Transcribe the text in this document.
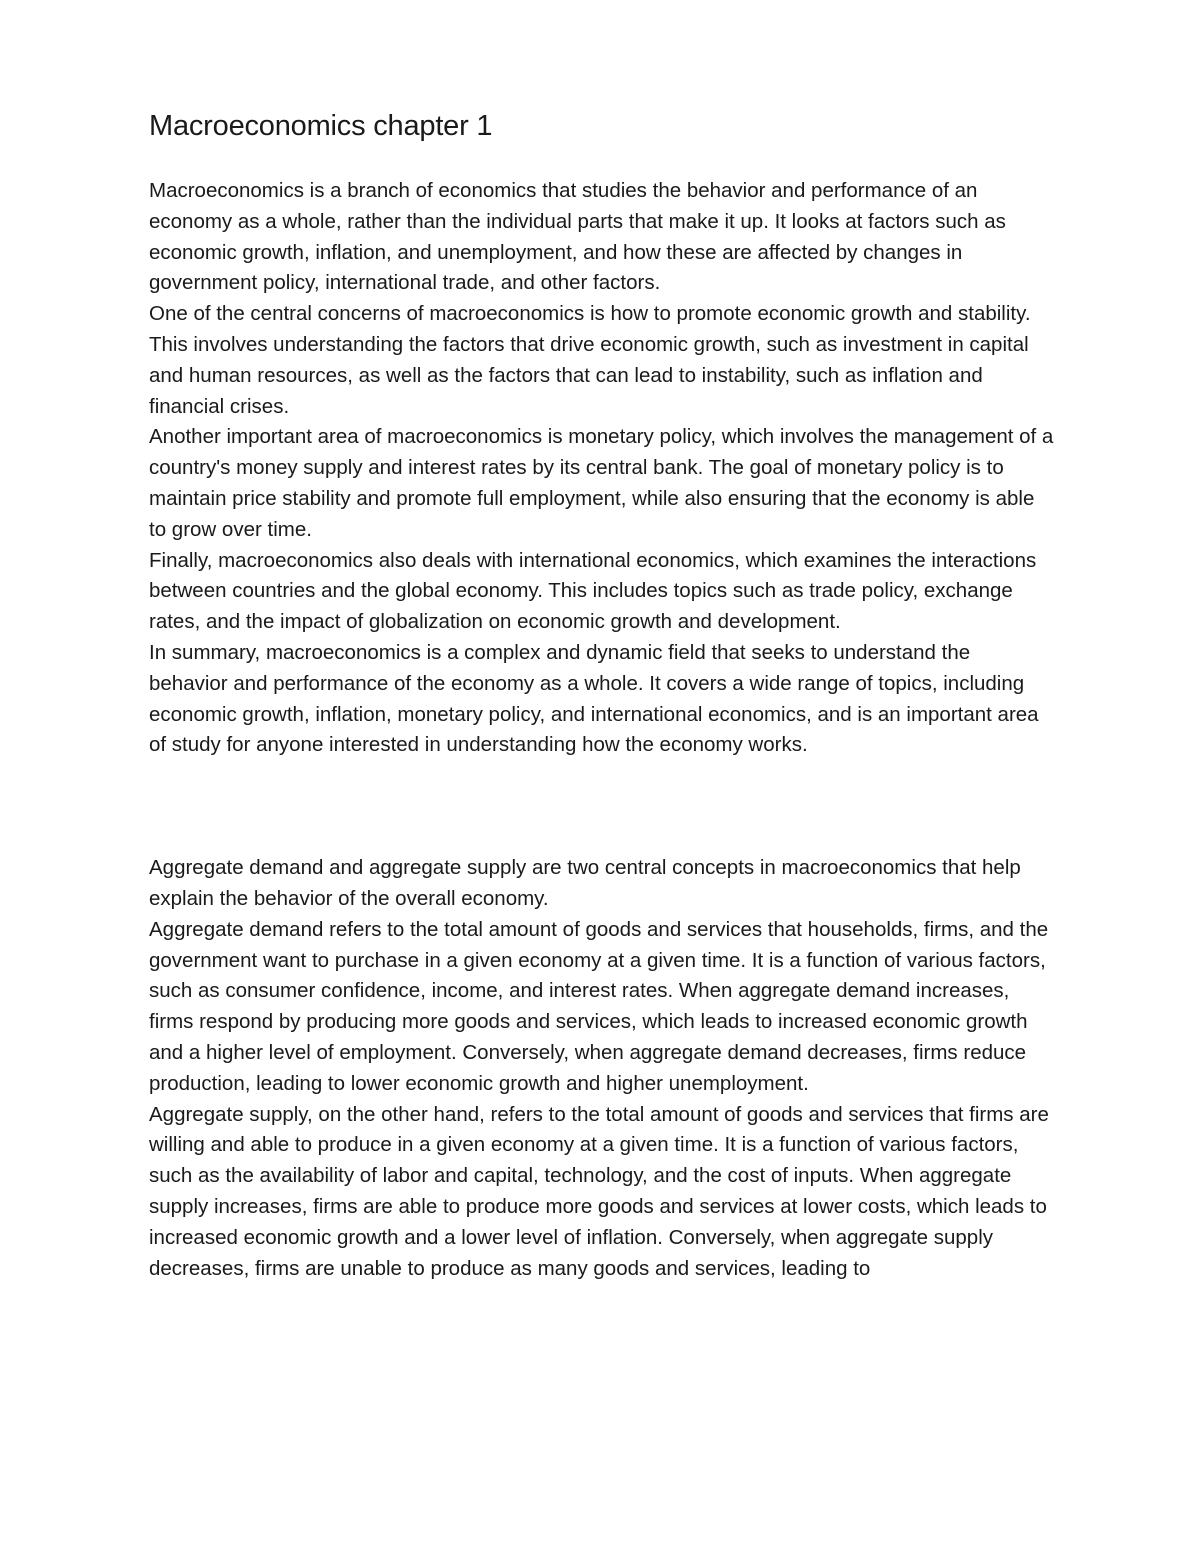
Macroeconomics chapter 1

Macroeconomics is a branch of economics that studies the behavior and performance of an economy as a whole, rather than the individual parts that make it up. It looks at factors such as economic growth, inflation, and unemployment, and how these are affected by changes in government policy, international trade, and other factors.

One of the central concerns of macroeconomics is how to promote economic growth and stability. This involves understanding the factors that drive economic growth, such as investment in capital and human resources, as well as the factors that can lead to instability, such as inflation and financial crises.

Another important area of macroeconomics is monetary policy, which involves the management of a country's money supply and interest rates by its central bank. The goal of monetary policy is to maintain price stability and promote full employment, while also ensuring that the economy is able to grow over time.

Finally, macroeconomics also deals with international economics, which examines the interactions between countries and the global economy. This includes topics such as trade policy, exchange rates, and the impact of globalization on economic growth and development.

In summary, macroeconomics is a complex and dynamic field that seeks to understand the behavior and performance of the economy as a whole. It covers a wide range of topics, including economic growth, inflation, monetary policy, and international economics, and is an important area of study for anyone interested in understanding how the economy works.

Aggregate demand and aggregate supply are two central concepts in macroeconomics that help explain the behavior of the overall economy.

Aggregate demand refers to the total amount of goods and services that households, firms, and the government want to purchase in a given economy at a given time. It is a function of various factors, such as consumer confidence, income, and interest rates. When aggregate demand increases, firms respond by producing more goods and services, which leads to increased economic growth and a higher level of employment. Conversely, when aggregate demand decreases, firms reduce production, leading to lower economic growth and higher unemployment.

Aggregate supply, on the other hand, refers to the total amount of goods and services that firms are willing and able to produce in a given economy at a given time. It is a function of various factors, such as the availability of labor and capital, technology, and the cost of inputs. When aggregate supply increases, firms are able to produce more goods and services at lower costs, which leads to increased economic growth and a lower level of inflation. Conversely, when aggregate supply decreases, firms are unable to produce as many goods and services, leading to
